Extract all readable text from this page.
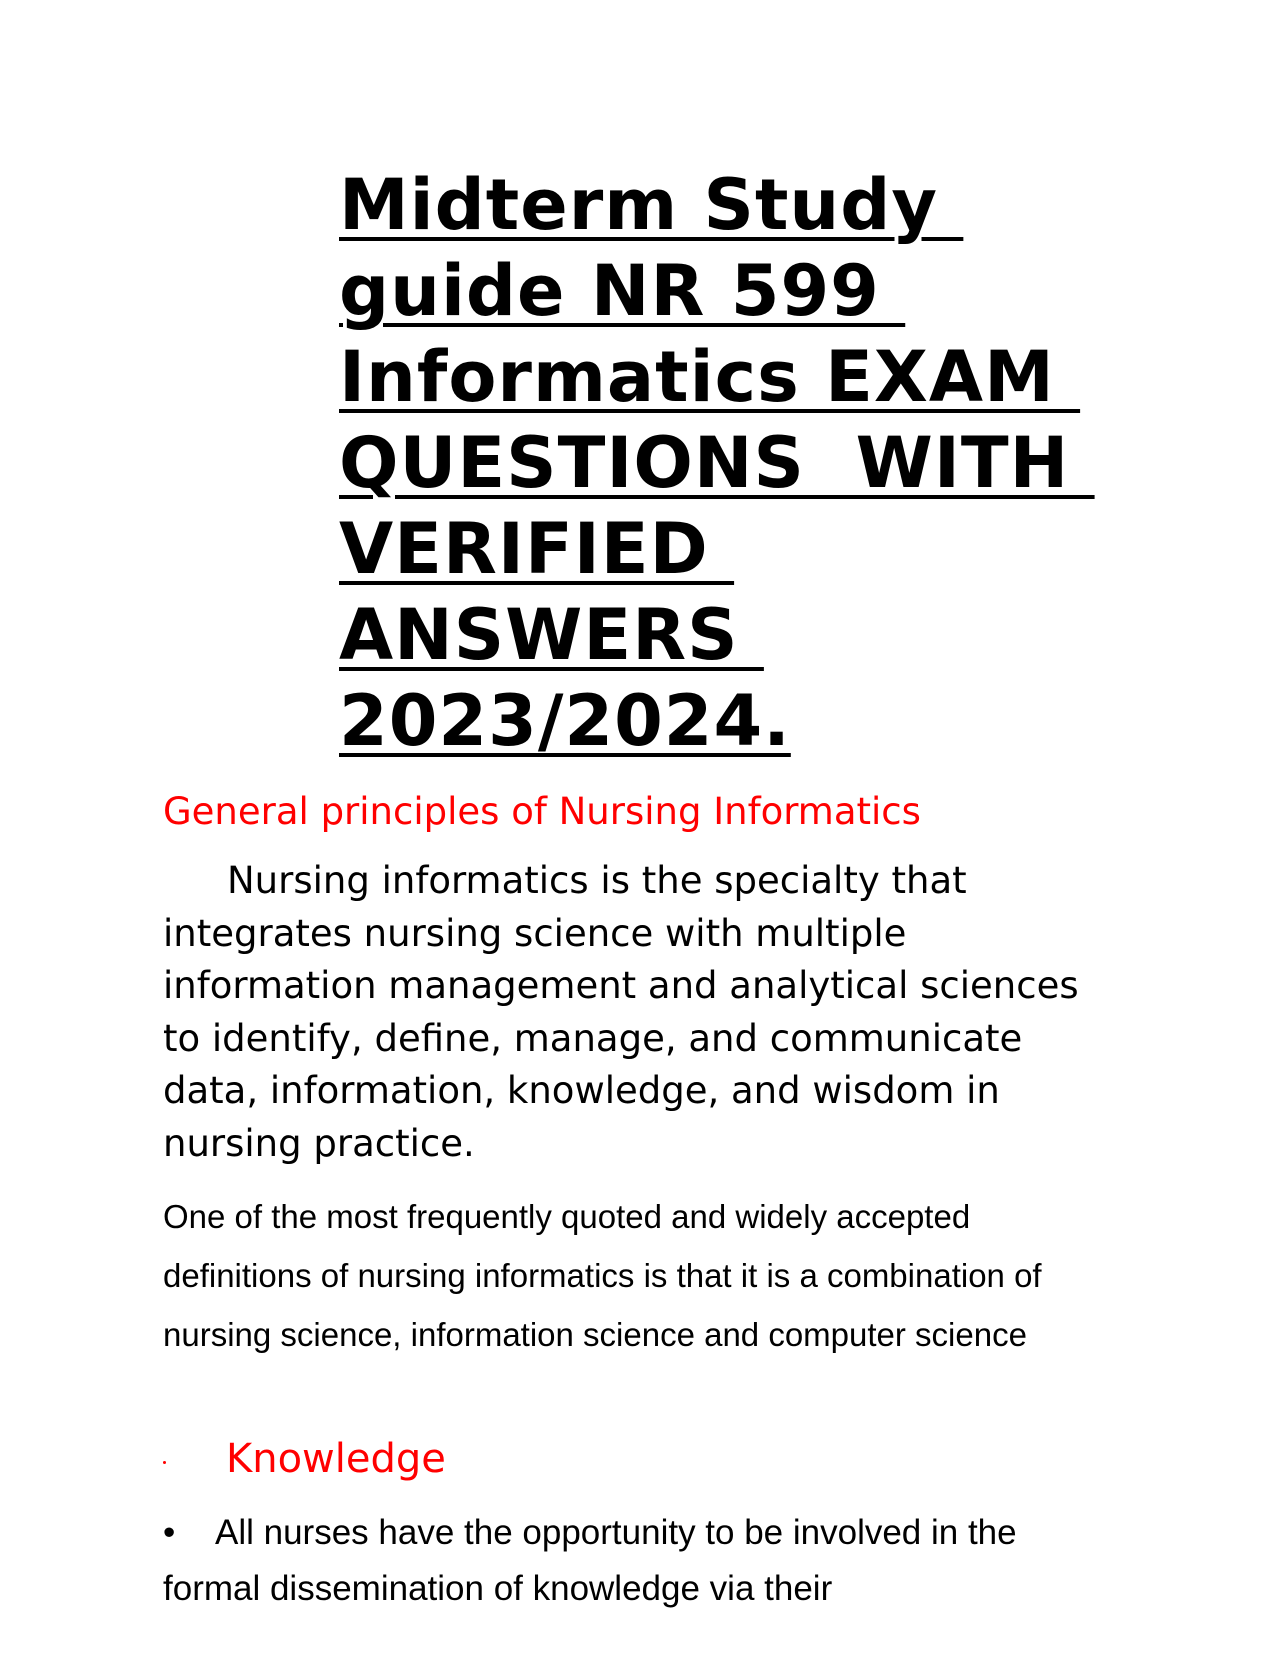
Midterm Study
guide NR 599
Informatics EXAM
QUESTIONS  WITH
VERIFIED
ANSWERS
2023/2024.
General principles of Nursing Informatics

Nursing informatics is the specialty that integrates nursing science with multiple information management and analytical sciences to identify, define, manage, and communicate data, information, knowledge, and wisdom in nursing practice.

One of the most frequently quoted and widely accepted definitions of nursing informatics is that it is a combination of nursing science, information science and computer science

Knowledge

• All nurses have the opportunity to be involved in the formal dissemination of knowledge via their
